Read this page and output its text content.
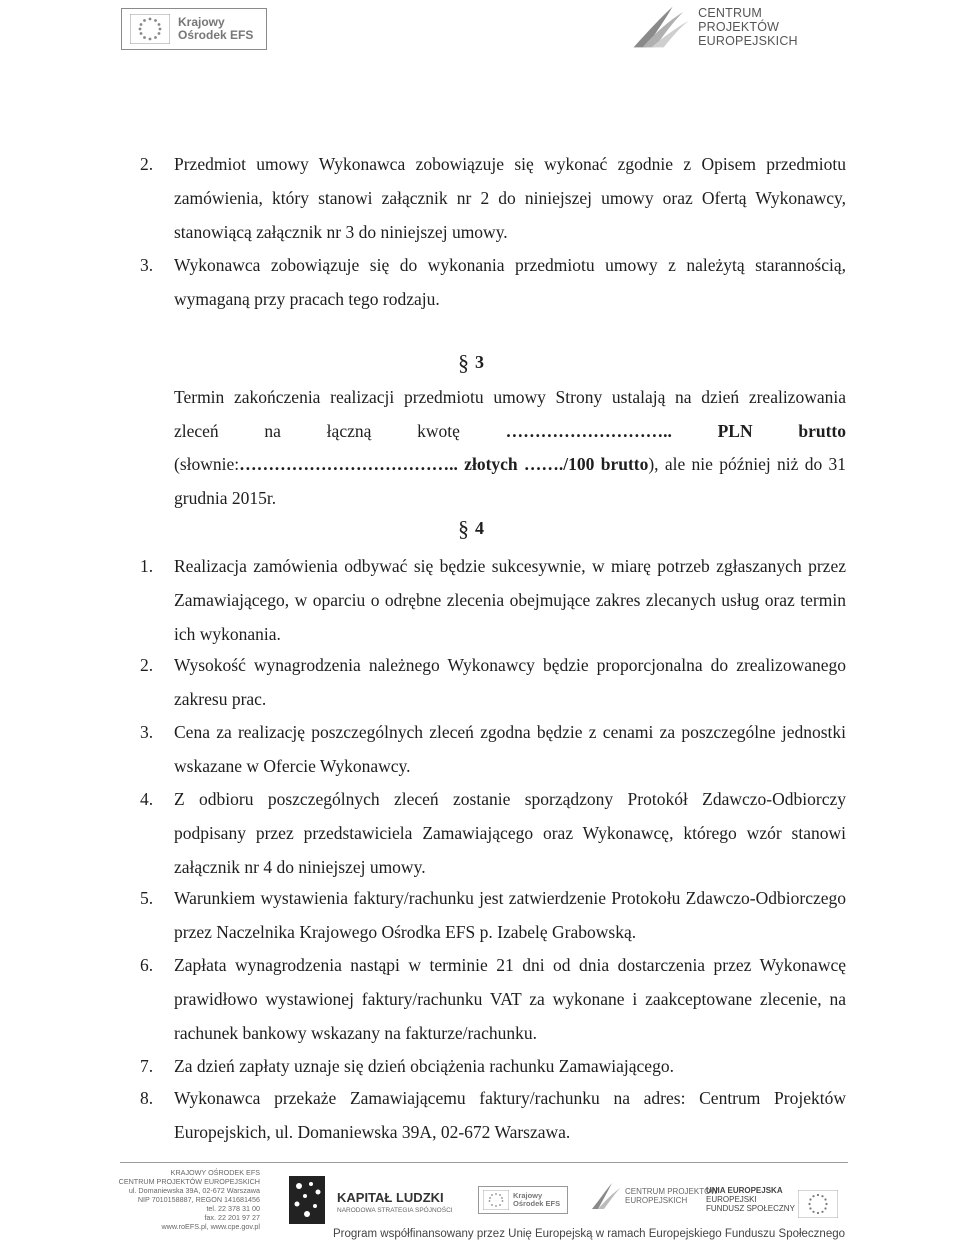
Krajowy
Ośrodek EFS
CENTRUM PROJEKTÓW
EUROPEJSKICH
2.	Przedmiot umowy Wykonawca zobowiązuje się wykonać zgodnie z Opisem przedmiotu zamówienia, który stanowi załącznik nr 2 do niniejszej umowy oraz Ofertą Wykonawcy, stanowiącą załącznik nr 3 do niniejszej umowy.
3.	Wykonawca zobowiązuje się do wykonania przedmiotu umowy z należytą starannością, wymaganą przy pracach tego rodzaju.
§ 3
Termin zakończenia realizacji przedmiotu umowy Strony ustalają na dzień zrealizowania zleceń na łączną kwotę ……………………….. PLN brutto (słownie:……………………………….. złotych ……./100 brutto), ale nie później niż do 31 grudnia 2015r.
§ 4
1.	Realizacja zamówienia odbywać się będzie sukcesywnie, w miarę potrzeb zgłaszanych przez Zamawiającego, w oparciu o odrębne zlecenia obejmujące zakres zlecanych usług oraz termin ich wykonania.
2.	Wysokość wynagrodzenia należnego Wykonawcy będzie proporcjonalna do zrealizowanego zakresu prac.
3.	Cena za realizację poszczególnych zleceń zgodna będzie z cenami za poszczególne jednostki wskazane w Ofercie Wykonawcy.
4.	Z odbioru poszczególnych zleceń zostanie sporządzony Protokół Zdawczo-Odbiorczy podpisany przez przedstawiciela Zamawiającego oraz Wykonawcę, którego wzór stanowi załącznik nr 4 do niniejszej umowy.
5.	Warunkiem wystawienia faktury/rachunku jest zatwierdzenie Protokołu Zdawczo-Odbiorczego przez Naczelnika Krajowego Ośrodka EFS p. Izabelę Grabowską.
6.	Zapłata wynagrodzenia nastąpi w terminie 21 dni od dnia dostarczenia przez Wykonawcę prawidłowo wystawionej faktury/rachunku VAT za wykonane i zaakceptowane zlecenie, na rachunek bankowy wskazany na fakturze/rachunku.
7.	Za dzień zapłaty uznaje się dzień obciążenia rachunku Zamawiającego.
8.	Wykonawca przekaże Zamawiającemu faktury/rachunku na adres: Centrum Projektów Europejskich, ul. Domaniewska 39A, 02-672 Warszawa.
KRAJOWY OŚRODEK EFS
CENTRUM PROJEKTÓW EUROPEJSKICH
ul. Domaniewska 39A, 02-672 Warszawa
NIP 7010158887, REGON 141681456
tel. 22 378 31 00
fax. 22 201 97 27
www.roEFS.pl, www.cpe.gov.pl
KAPITAŁ LUDZKI
NARODOWA STRATEGIA SPÓJNOŚCI
Krajowy
Ośrodek EFS
CENTRUM PROJEKTÓW
EUROPEJSKICH
UNIA EUROPEJSKA
EUROPEJSKI
FUNDUSZ SPOŁECZNY
Program współfinansowany przez Unię Europejską w ramach Europejskiego Funduszu Społecznego
